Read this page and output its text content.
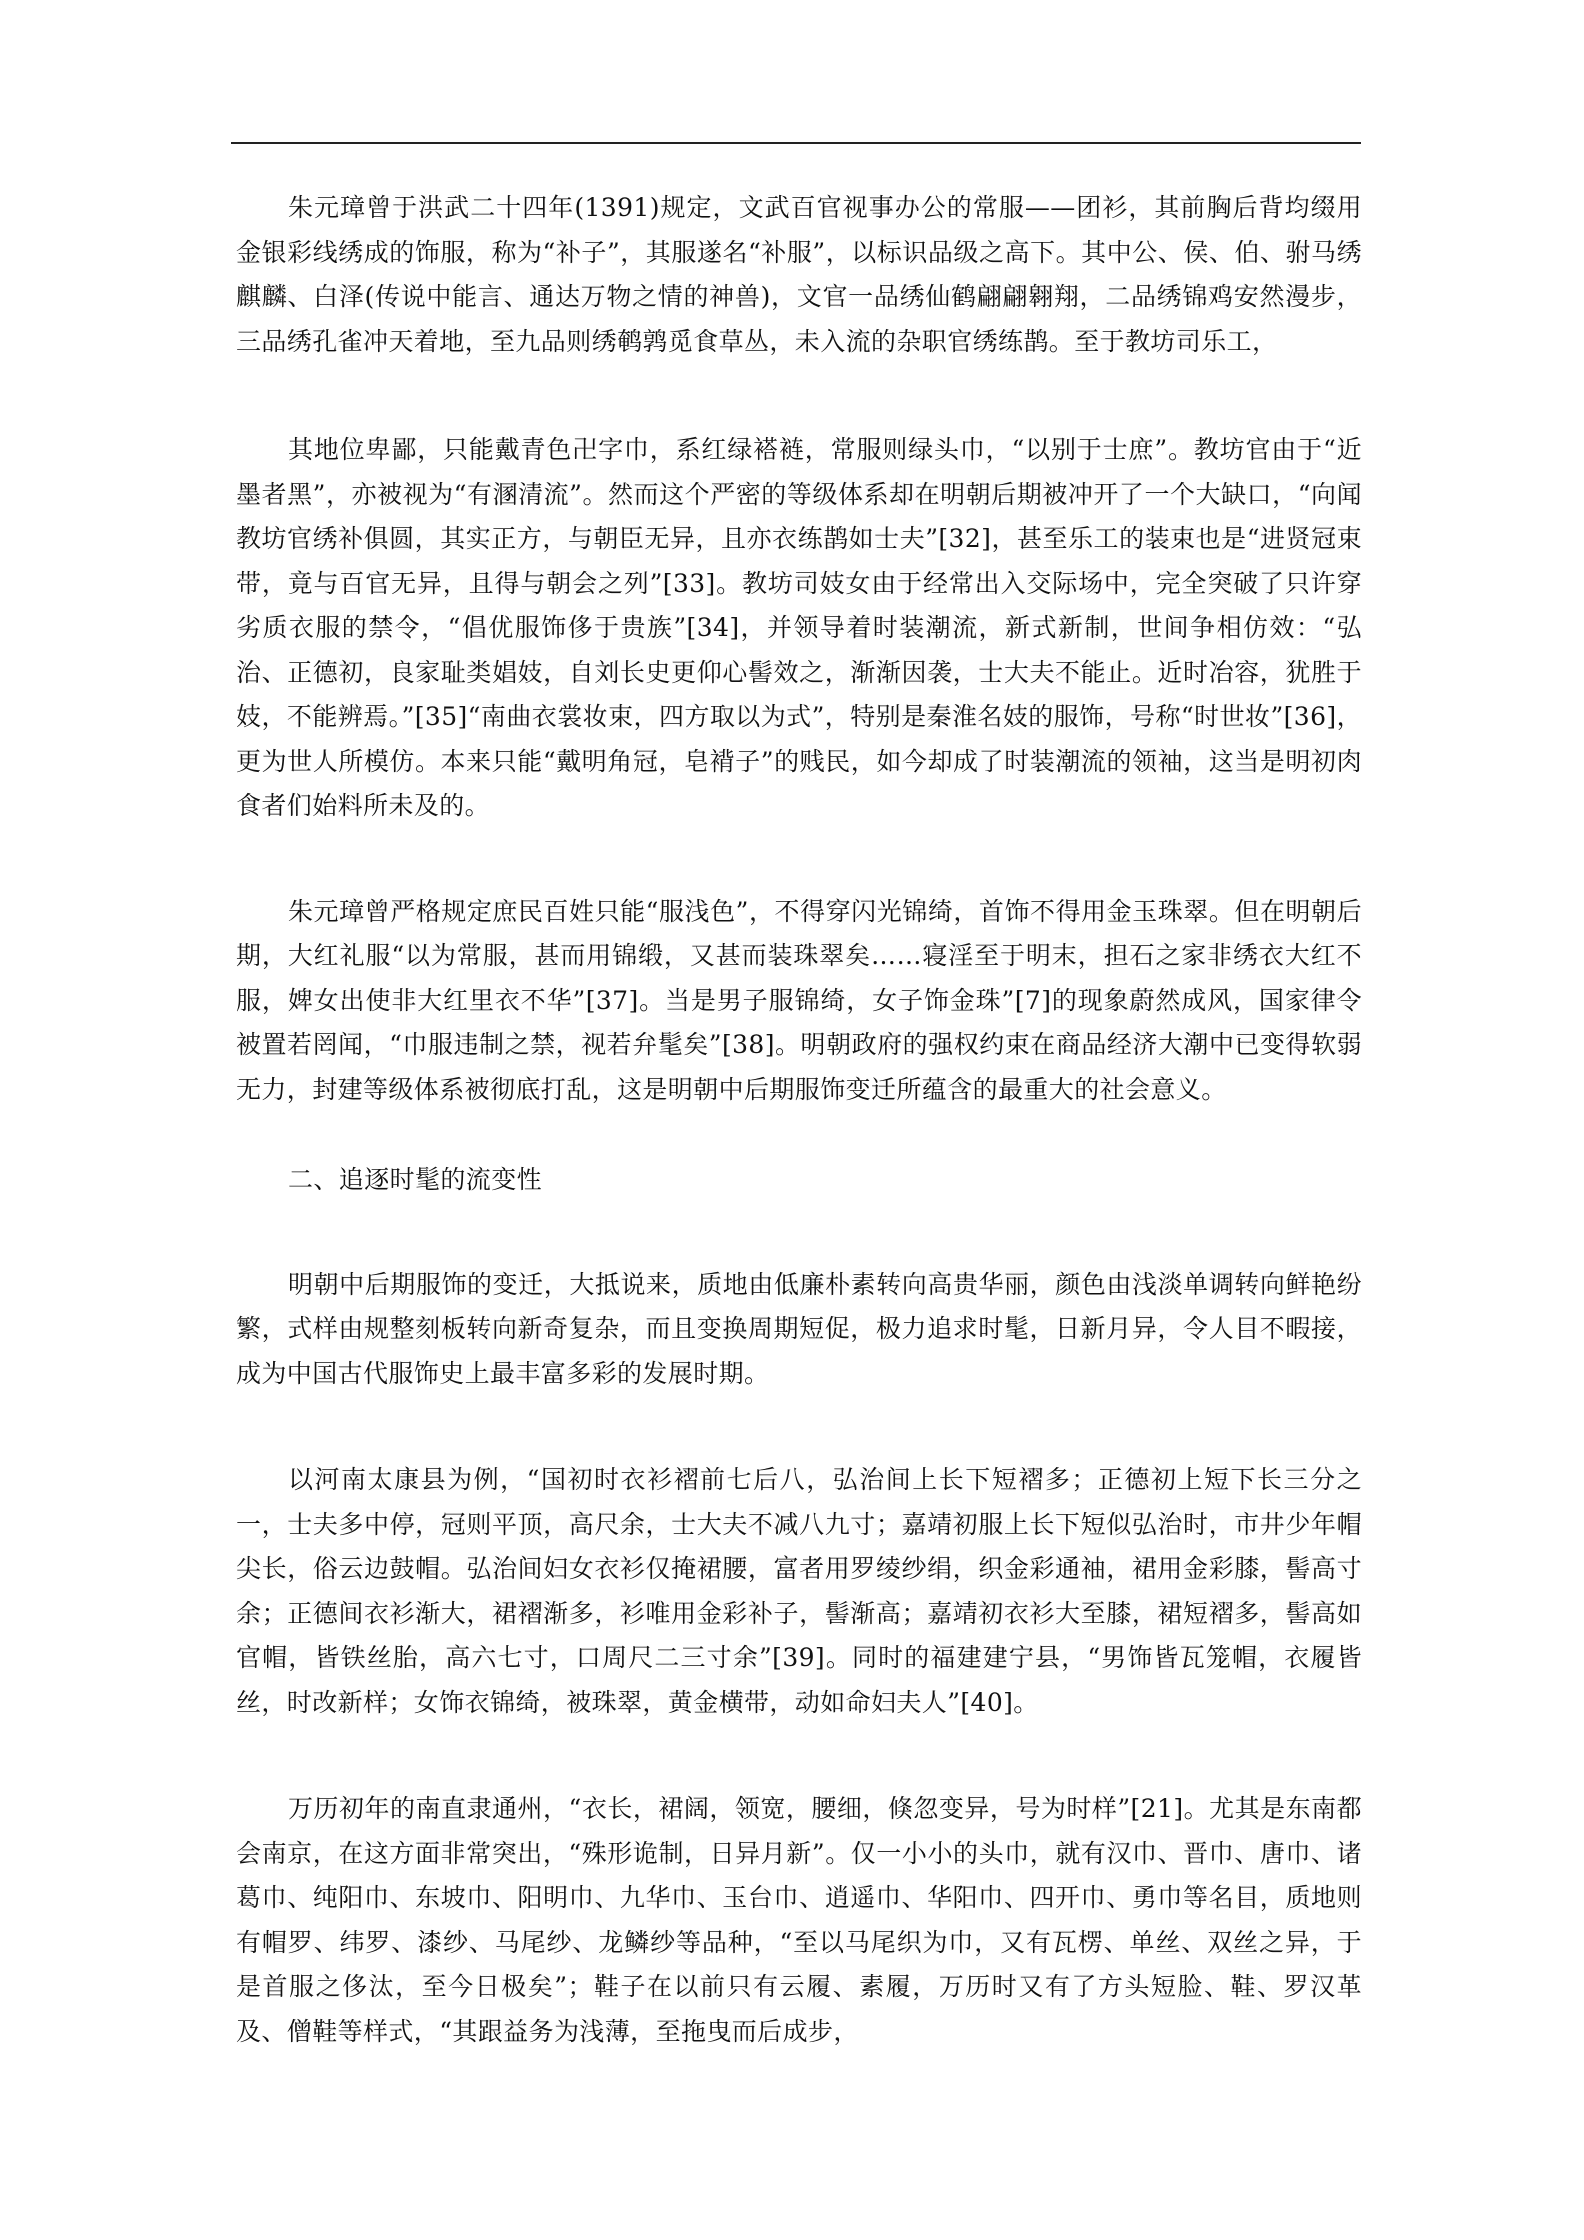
朱元璋曾于洪武二十四年(1391)规定，文武百官视事办公的常服——团衫，其前胸后背均缀用金银彩线绣成的饰服，称为“补子”，其服遂名“补服”，以标识品级之高下。其中公、侯、伯、驸马绣麒麟、白泽(传说中能言、通达万物之情的神兽)，文官一品绣仙鹤翩翩翱翔，二品绣锦鸡安然漫步，三品绣孔雀冲天着地，至九品则绣鹌鹑觅食草丛，未入流的杂职官绣练鹊。至于教坊司乐工，

其地位卑鄙，只能戴青色卍字巾，系红绿褡裢，常服则绿头巾，“以别于士庶”。教坊官由于“近墨者黑”，亦被视为“有溷清流”。然而这个严密的等级体系却在明朝后期被冲开了一个大缺口，“向闻教坊官绣补俱圆，其实正方，与朝臣无异，且亦衣练鹊如士夫”[32]，甚至乐工的装束也是“进贤冠束带，竟与百官无异，且得与朝会之列”[33]。教坊司妓女由于经常出入交际场中，完全突破了只许穿劣质衣服的禁令，“倡优服饰侈于贵族”[34]，并领导着时装潮流，新式新制，世间争相仿效：“弘治、正德初，良家耻类娼妓，自刘长史更仰心髻效之，渐渐因袭，士大夫不能止。近时冶容，犹胜于妓，不能辨焉。”[35]“南曲衣裳妆束，四方取以为式”，特别是秦淮名妓的服饰，号称“时世妆”[36]，更为世人所模仿。本来只能“戴明角冠，皂褙子”的贱民，如今却成了时装潮流的领袖，这当是明初肉食者们始料所未及的。

朱元璋曾严格规定庶民百姓只能“服浅色”，不得穿闪光锦绮，首饰不得用金玉珠翠。但在明朝后期，大红礼服“以为常服，甚而用锦缎，又甚而装珠翠矣……寝淫至于明末，担石之家非绣衣大红不服，婢女出使非大红里衣不华”[37]。当是男子服锦绮，女子饰金珠”[7]的现象蔚然成风，国家律令被置若罔闻，“巾服违制之禁，视若弁髦矣”[38]。明朝政府的强权约束在商品经济大潮中已变得软弱无力，封建等级体系被彻底打乱，这是明朝中后期服饰变迁所蕴含的最重大的社会意义。

二、追逐时髦的流变性

明朝中后期服饰的变迁，大抵说来，质地由低廉朴素转向高贵华丽，颜色由浅淡单调转向鲜艳纷繁，式样由规整刻板转向新奇复杂，而且变换周期短促，极力追求时髦，日新月异，令人目不暇接，成为中国古代服饰史上最丰富多彩的发展时期。

以河南太康县为例，“国初时衣衫褶前七后八，弘治间上长下短褶多；正德初上短下长三分之一，士夫多中停，冠则平顶，高尺余，士大夫不减八九寸；嘉靖初服上长下短似弘治时，市井少年帽尖长，俗云边鼓帽。弘治间妇女衣衫仅掩裙腰，富者用罗绫纱绢，织金彩通袖，裙用金彩膝，髻高寸余；正德间衣衫渐大，裙褶渐多，衫唯用金彩补子，髻渐高；嘉靖初衣衫大至膝，裙短褶多，髻高如官帽，皆铁丝胎，高六七寸，口周尺二三寸余”[39]。同时的福建建宁县，“男饰皆瓦笼帽，衣履皆丝，时改新样；女饰衣锦绮，被珠翠，黄金横带，动如命妇夫人”[40]。

万历初年的南直隶通州，“衣长，裙阔，领宽，腰细，倏忽变异，号为时样”[21]。尤其是东南都会南京，在这方面非常突出，“殊形诡制，日异月新”。仅一小小的头巾，就有汉巾、晋巾、唐巾、诸葛巾、纯阳巾、东坡巾、阳明巾、九华巾、玉台巾、逍遥巾、华阳巾、四开巾、勇巾等名目，质地则有帽罗、纬罗、漆纱、马尾纱、龙鳞纱等品种，“至以马尾织为巾，又有瓦楞、单丝、双丝之异，于是首服之侈汰，至今日极矣”；鞋子在以前只有云履、素履，万历时又有了方头短脸、鞋、罗汉革及、僧鞋等样式，“其跟益务为浅薄，至拖曳而后成步，
